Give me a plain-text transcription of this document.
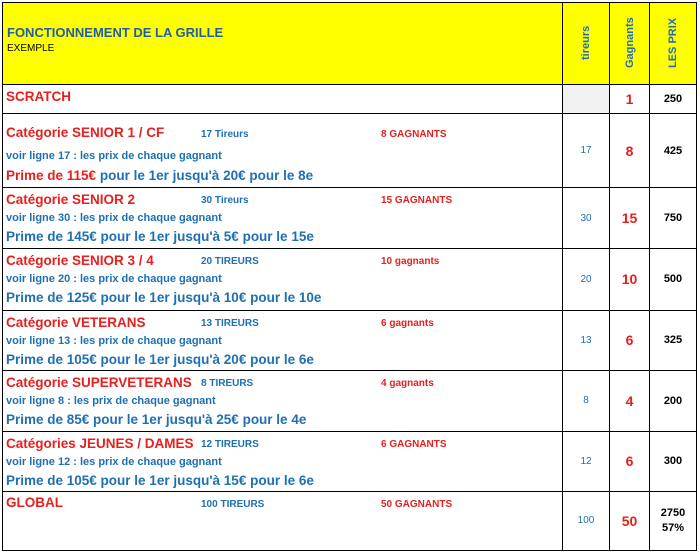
FONCTIONNEMENT DE LA GRILLE
EXEMPLE	tireurs	Gagnants	LES PRIX

SCRATCH		1	250

Catégorie SENIOR 1 / CF 17 Tireurs 8 GAGNANTS
voir ligne 17 : les prix de chaque gagnant
Prime de 115€ pour le 1er jusqu'à 20€ pour le 8e	17	8	425

Catégorie SENIOR 2 30 Tireurs 15 GAGNANTS
voir ligne 30 : les prix de chaque gagnant
Prime de 145€ pour le 1er jusqu'à 5€ pour le 15e	30	15	750

Catégorie SENIOR 3 / 4 20 TIREURS 10 gagnants
voir ligne 20 : les prix de chaque gagnant
Prime de 125€ pour le 1er jusqu'à 10€ pour le 10e	20	10	500

Catégorie VETERANS 13 TIREURS 6 gagnants
voir ligne 13 : les prix de chaque gagnant
Prime de 105€ pour le 1er jusqu'à 20€ pour le 6e	13	6	325

Catégorie SUPERVETERANS 8 TIREURS 4 gagnants
voir ligne 8 : les prix de chaque gagnant
Prime de 85€ pour le 1er jusqu'à 25€ pour le 4e	8	4	200

Catégories JEUNES / DAMES 12 TIREURS 6 GAGNANTS
voir ligne 12 : les prix de chaque gagnant
Prime de 105€ pour le 1er jusqu'à 15€ pour le 6e	12	6	300

GLOBAL 100 TIREURS 50 GAGNANTS	100	50	2750
57%
